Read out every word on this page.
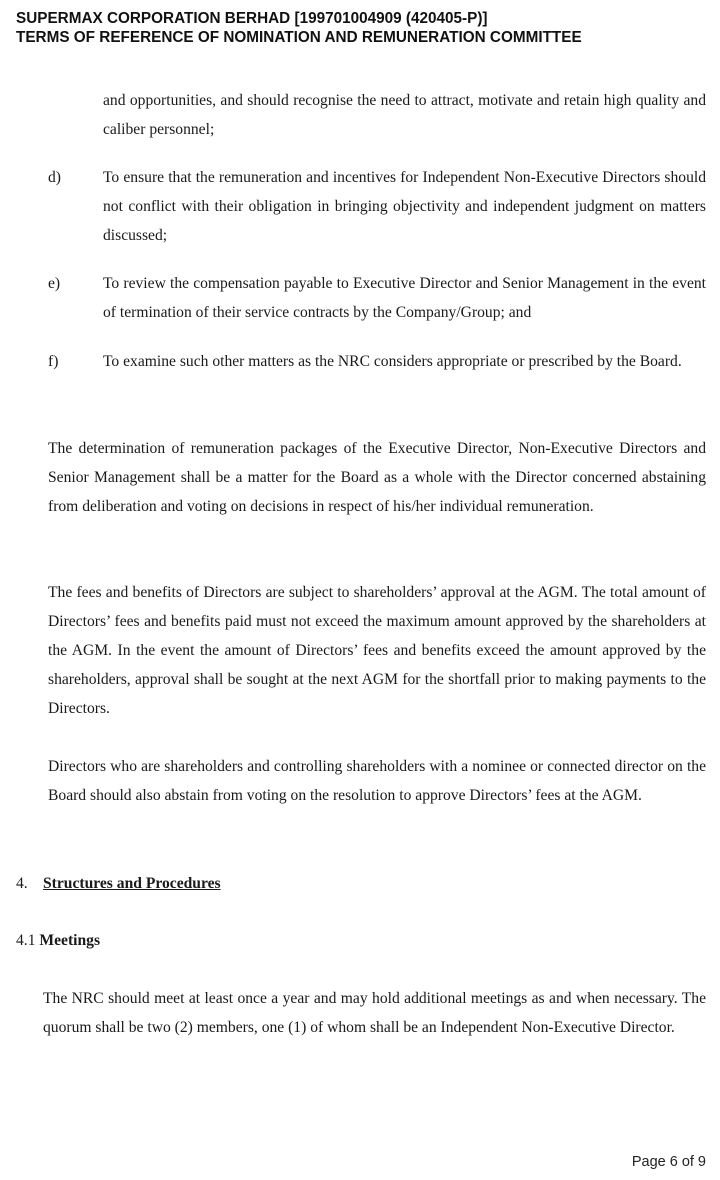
SUPERMAX CORPORATION BERHAD [199701004909 (420405-P)]
TERMS OF REFERENCE OF NOMINATION AND REMUNERATION COMMITTEE
and opportunities, and should recognise the need to attract, motivate and retain high quality and caliber personnel;
d)	To ensure that the remuneration and incentives for Independent Non-Executive Directors should not conflict with their obligation in bringing objectivity and independent judgment on matters discussed;
e)	To review the compensation payable to Executive Director and Senior Management in the event of termination of their service contracts by the Company/Group; and
f)	To examine such other matters as the NRC considers appropriate or prescribed by the Board.
The determination of remuneration packages of the Executive Director, Non-Executive Directors and Senior Management shall be a matter for the Board as a whole with the Director concerned abstaining from deliberation and voting on decisions in respect of his/her individual remuneration.
The fees and benefits of Directors are subject to shareholders’ approval at the AGM. The total amount of Directors’ fees and benefits paid must not exceed the maximum amount approved by the shareholders at the AGM. In the event the amount of Directors’ fees and benefits exceed the amount approved by the shareholders, approval shall be sought at the next AGM for the shortfall prior to making payments to the Directors.
Directors who are shareholders and controlling shareholders with a nominee or connected director on the Board should also abstain from voting on the resolution to approve Directors’ fees at the AGM.
4. Structures and Procedures
4.1 Meetings
The NRC should meet at least once a year and may hold additional meetings as and when necessary. The quorum shall be two (2) members, one (1) of whom shall be an Independent Non-Executive Director.
Page 6 of 9
